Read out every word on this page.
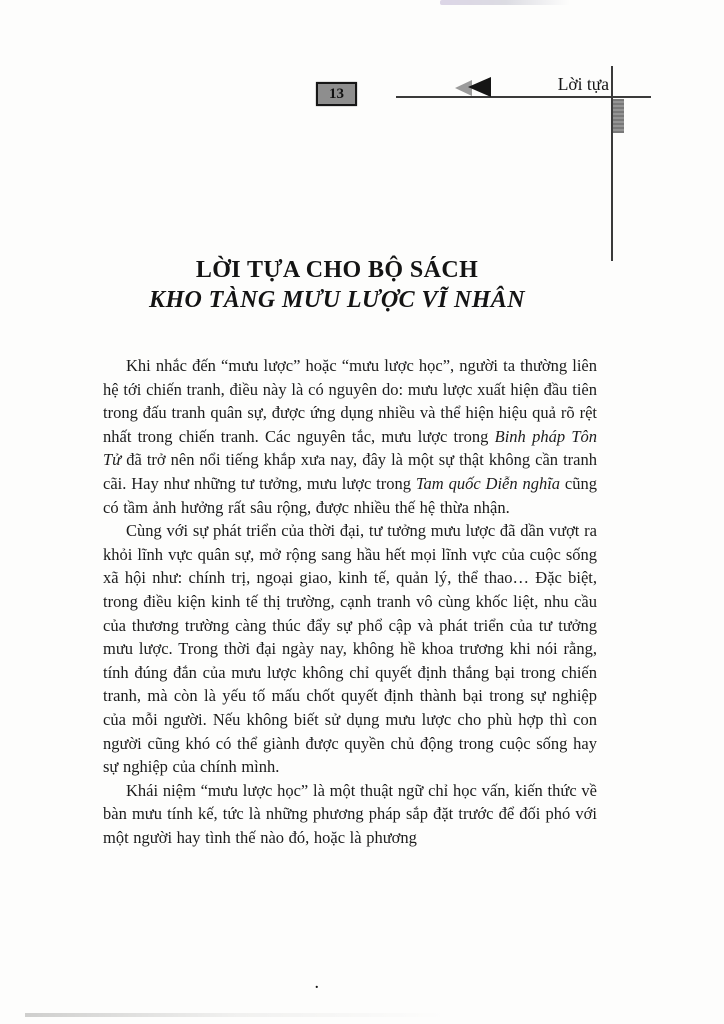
13	Lời tựa
LỜI TỰA CHO BỘ SÁCH
KHO TÀNG MƯU LƯỢC VĨ NHÂN

Khi nhắc đến “mưu lược” hoặc “mưu lược học”, người ta thường liên hệ tới chiến tranh, điều này là có nguyên do: mưu lược xuất hiện đầu tiên trong đấu tranh quân sự, được ứng dụng nhiều và thể hiện hiệu quả rõ rệt nhất trong chiến tranh. Các nguyên tắc, mưu lược trong Binh pháp Tôn Tử đã trở nên nổi tiếng khắp xưa nay, đây là một sự thật không cần tranh cãi. Hay như những tư tưởng, mưu lược trong Tam quốc Diễn nghĩa cũng có tầm ảnh hưởng rất sâu rộng, được nhiều thế hệ thừa nhận.

Cùng với sự phát triển của thời đại, tư tưởng mưu lược đã dần vượt ra khỏi lĩnh vực quân sự, mở rộng sang hầu hết mọi lĩnh vực của cuộc sống xã hội như: chính trị, ngoại giao, kinh tế, quản lý, thể thao… Đặc biệt, trong điều kiện kinh tế thị trường, cạnh tranh vô cùng khốc liệt, nhu cầu của thương trường càng thúc đẩy sự phổ cập và phát triển của tư tưởng mưu lược. Trong thời đại ngày nay, không hề khoa trương khi nói rằng, tính đúng đắn của mưu lược không chỉ quyết định thắng bại trong chiến tranh, mà còn là yếu tố mấu chốt quyết định thành bại trong sự nghiệp của mỗi người. Nếu không biết sử dụng mưu lược cho phù hợp thì con người cũng khó có thể giành được quyền chủ động trong cuộc sống hay sự nghiệp của chính mình.

Khái niệm “mưu lược học” là một thuật ngữ chỉ học vấn, kiến thức về bàn mưu tính kế, tức là những phương pháp sắp đặt trước để đối phó với một người hay tình thế nào đó, hoặc là phương

.
